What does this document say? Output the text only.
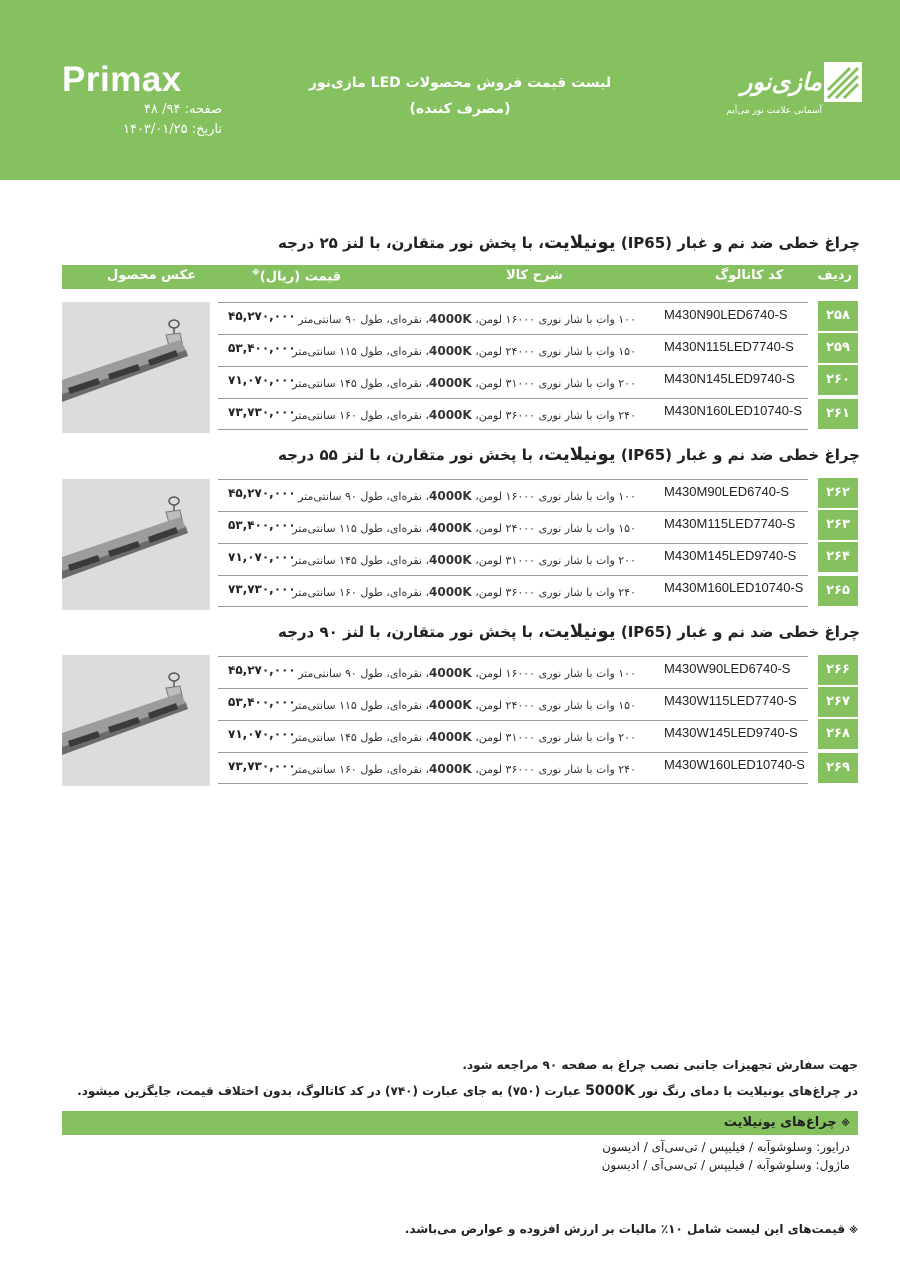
Primax
صفحه: ۹۴/ ۴۸
تاریخ: ۱۴۰۳/۰۱/۲۵
لیست قیمت فروش محصولات LED مازی‌نور
(مصرف کننده)
مازی‌نور
آسمانی علامت نور می‌آیم
چراغ خطی ضد نم و غبار (IP65) یونیلایت، با پخش نور متقارن، با لنز ۲۵ درجه
ردیف
کد کاتالوگ
شرح کالا
※قیمت (ریال)
عکس محصول
۴۵,۲۷۰,۰۰۰	۱۰۰ وات با شار نوری ۱۶۰۰۰ لومن، 4000K، نقره‌ای، طول ۹۰ سانتی‌متر	M430N90LED6740-S	۲۵۸
۵۳,۴۰۰,۰۰۰	۱۵۰ وات با شار نوری ۲۴۰۰۰ لومن، 4000K، نقره‌ای، طول ۱۱۵ سانتی‌متر	M430N115LED7740-S	۲۵۹
۷۱,۰۷۰,۰۰۰	۲۰۰ وات با شار نوری ۳۱۰۰۰ لومن، 4000K، نقره‌ای، طول ۱۴۵ سانتی‌متر	M430N145LED9740-S	۲۶۰
۷۳,۷۳۰,۰۰۰	۲۴۰ وات با شار نوری ۳۶۰۰۰ لومن، 4000K، نقره‌ای، طول ۱۶۰ سانتی‌متر	M430N160LED10740-S	۲۶۱
چراغ خطی ضد نم و غبار (IP65) یونیلایت، با پخش نور متقارن، با لنز ۵۵ درجه
۴۵,۲۷۰,۰۰۰	۱۰۰ وات با شار نوری ۱۶۰۰۰ لومن، 4000K، نقره‌ای، طول ۹۰ سانتی‌متر	M430M90LED6740-S	۲۶۲
۵۳,۴۰۰,۰۰۰	۱۵۰ وات با شار نوری ۲۴۰۰۰ لومن، 4000K، نقره‌ای، طول ۱۱۵ سانتی‌متر	M430M115LED7740-S	۲۶۳
۷۱,۰۷۰,۰۰۰	۲۰۰ وات با شار نوری ۳۱۰۰۰ لومن، 4000K، نقره‌ای، طول ۱۴۵ سانتی‌متر	M430M145LED9740-S	۲۶۴
۷۳,۷۳۰,۰۰۰	۲۴۰ وات با شار نوری ۳۶۰۰۰ لومن، 4000K، نقره‌ای، طول ۱۶۰ سانتی‌متر	M430M160LED10740-S	۲۶۵
چراغ خطی ضد نم و غبار (IP65) یونیلایت، با پخش نور متقارن، با لنز ۹۰ درجه
۴۵,۲۷۰,۰۰۰	۱۰۰ وات با شار نوری ۱۶۰۰۰ لومن، 4000K، نقره‌ای، طول ۹۰ سانتی‌متر	M430W90LED6740-S	۲۶۶
۵۳,۴۰۰,۰۰۰	۱۵۰ وات با شار نوری ۲۴۰۰۰ لومن، 4000K، نقره‌ای، طول ۱۱۵ سانتی‌متر	M430W115LED7740-S	۲۶۷
۷۱,۰۷۰,۰۰۰	۲۰۰ وات با شار نوری ۳۱۰۰۰ لومن، 4000K، نقره‌ای، طول ۱۴۵ سانتی‌متر	M430W145LED9740-S	۲۶۸
۷۳,۷۳۰,۰۰۰	۲۴۰ وات با شار نوری ۳۶۰۰۰ لومن، 4000K، نقره‌ای، طول ۱۶۰ سانتی‌متر	M430W160LED10740-S	۲۶۹
جهت سفارش تجهیزات جانبی نصب چراغ به صفحه ۹۰ مراجعه شود.
در چراغ‌های یونیلایت با دمای رنگ نور 5000K عبارت (۷۵۰) به جای عبارت (۷۴۰) در کد کاتالوگ، بدون اختلاف قیمت، جایگزین میشود.
※ چراغ‌های یونیلایت
درایور: وسلوشوآبه / فیلیپس / تی‌سی‌آی / ادیسون
ماژول: وسلوشوآبه / فیلیپس / تی‌سی‌آی / ادیسون
※ قیمت‌های این لیست شامل ۱۰٪ مالیات بر ارزش افزوده و عوارض می‌باشد.
